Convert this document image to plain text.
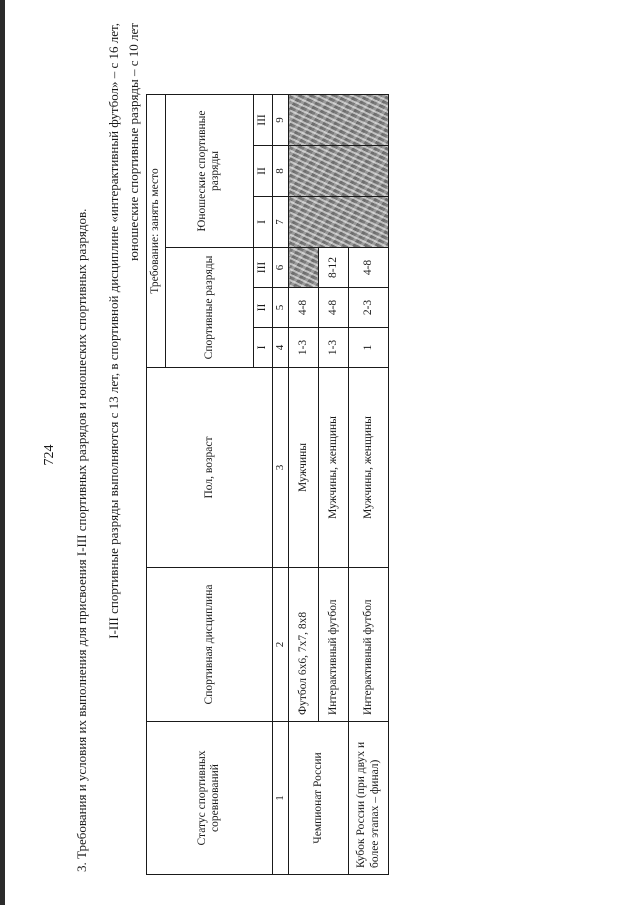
724 3. Требования и условия их выполнения для присвоения I-III спортивных разрядов и юношеских спортивных разрядов. I-III спортивные разряды выполняются с 13 лет, в спортивной дисциплине «интерактивный футбол» – с 16 лет, юношеские спортивные разряды – с 10 лет
Статус спортивных соревнований	Спортивная дисциплина	Пол, возраст	Требование: занять место					
			Спортивные разряды			Юношеские спортивные разряды		
			I	II	III	I	II	III
1	2	3	4	5	6	7	8	9
Чемпионат России	Футбол 6х6, 7х7, 8х8	Мужчины	1-3	4-8				
	Интерактивный футбол	Мужчины, женщины	1-3	4-8	8-12			
Кубок России (при двух и более этапах – финал)	Интерактивный футбол	Мужчины, женщины	1	2-3	4-8			
